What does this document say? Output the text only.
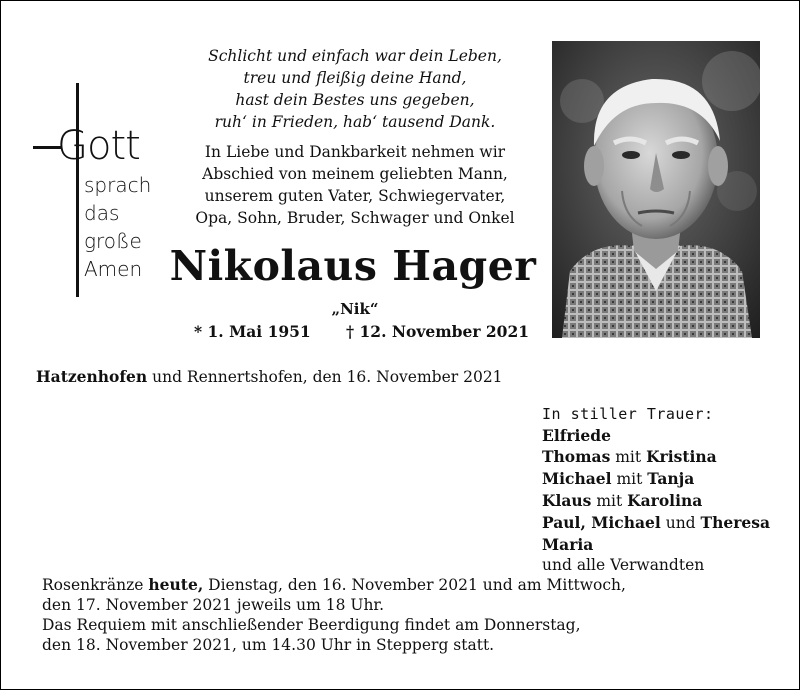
Gott
sprach
das
große
Amen
Schlicht und einfach war dein Leben,
treu und fleißig deine Hand,
hast dein Bestes uns gegeben,
ruh‘ in Frieden, hab‘ tausend Dank.
In Liebe und Dankbarkeit nehmen wir
Abschied von meinem geliebten Mann,
unserem guten Vater, Schwiegervater,
Opa, Sohn, Bruder, Schwager und Onkel
Nikolaus Hager
„Nik“
* 1. Mai 1951 † 12. November 2021
Hatzenhofen und Rennertshofen, den 16. November 2021
In stiller Trauer:
Elfriede
Thomas mit Kristina
Michael mit Tanja
Klaus mit Karolina
Paul, Michael und Theresa
Maria
und alle Verwandten
Rosenkränze heute, Dienstag, den 16. November 2021 und am Mittwoch,
den 17. November 2021 jeweils um 18 Uhr.
Das Requiem mit anschließender Beerdigung findet am Donnerstag,
den 18. November 2021, um 14.30 Uhr in Stepperg statt.
